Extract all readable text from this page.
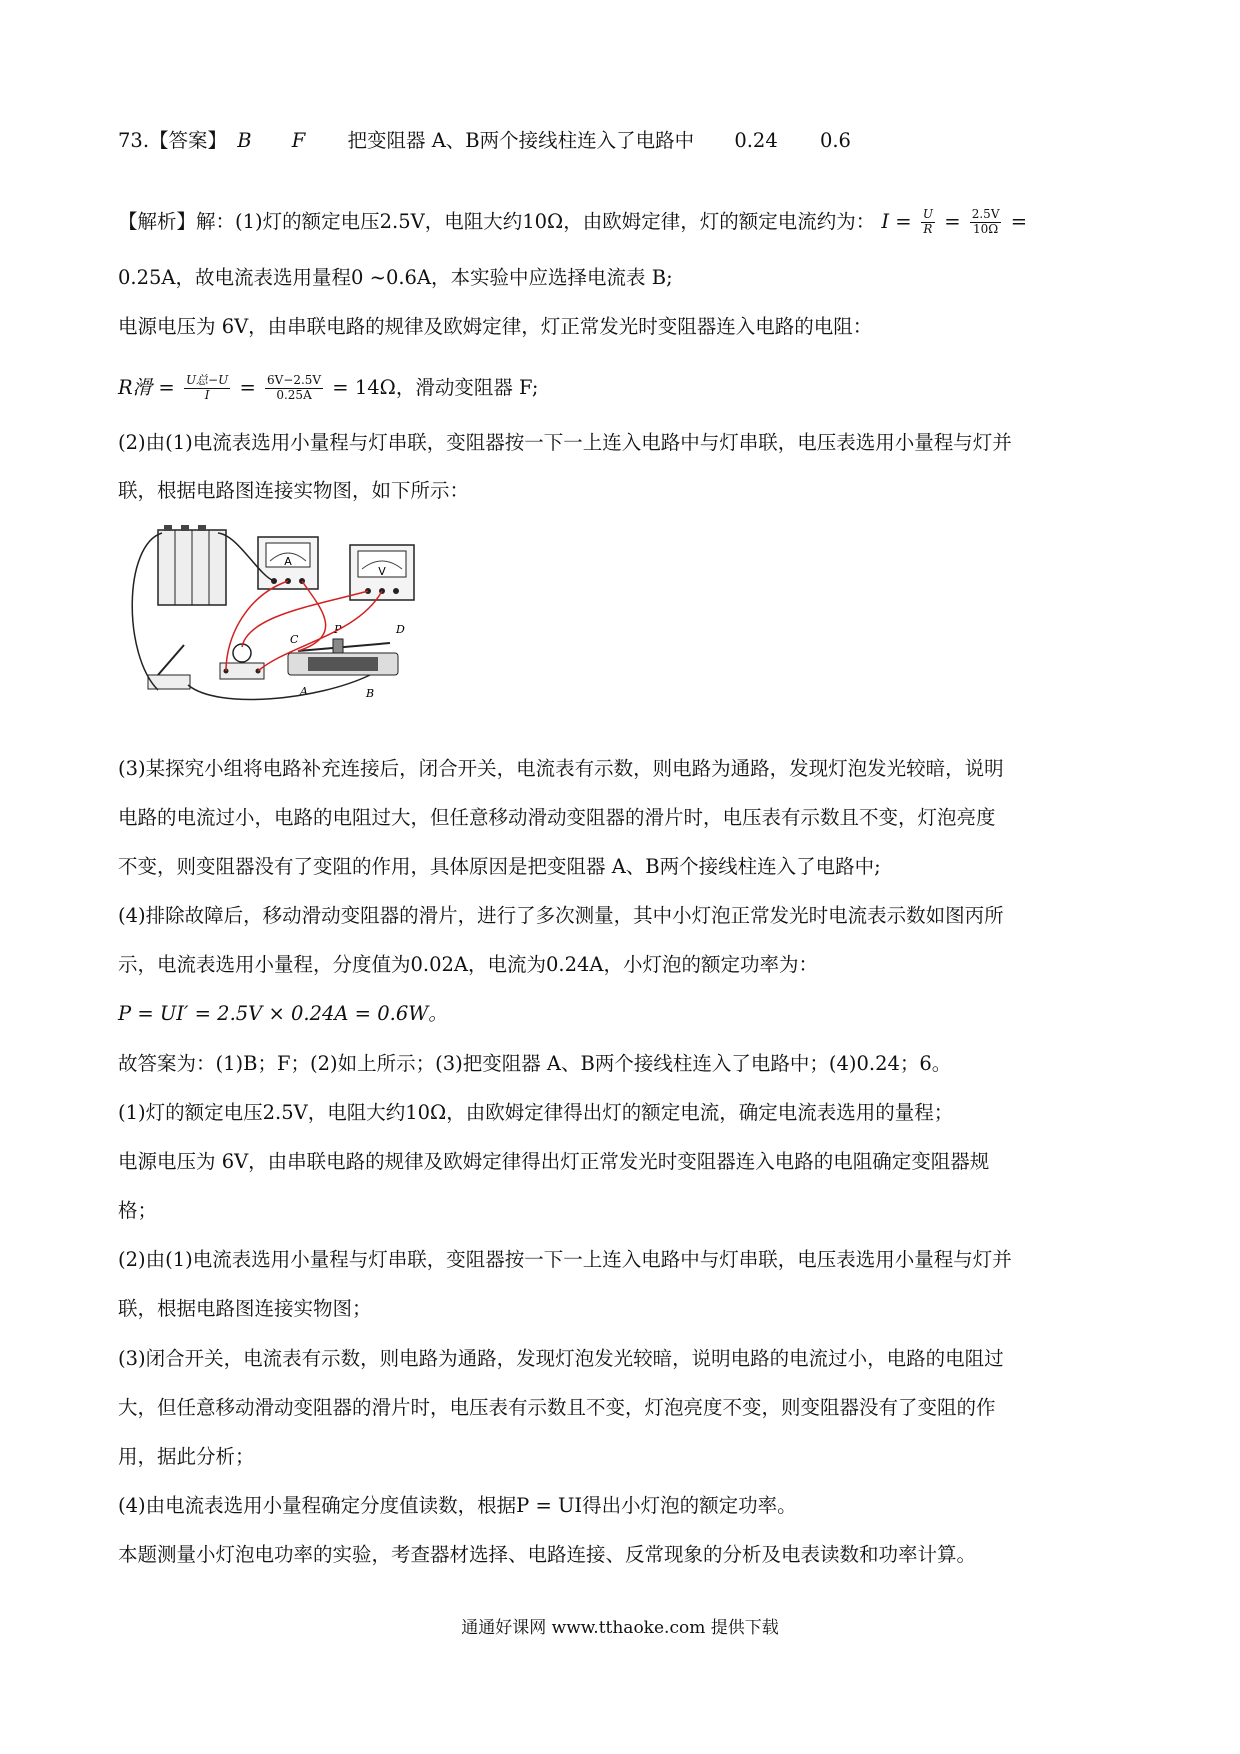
73.【答案】 B F 把变阻器 A、B两个接线柱连入了电路中 0.24 0.6
【解析】解：(1)灯的额定电压2.5V，电阻大约10Ω，由欧姆定律，灯的额定电流约为： $I = \frac{U}{R} = \frac{2.5V}{10\Omega}$ =
0.25A，故电流表选用量程0 ~0.6A，本实验中应选择电流表 B;
电源电压为 6V，由串联电路的规律及欧姆定律，灯正常发光时变阻器连入电路的电阻：
R滑 = $\frac{\text{U总−U}}{I} = \frac{6V-2.5V}{0.25A} = 14\Omega$，滑动变阻器 F;
(2)由(1)电流表选用小量程与灯串联，变阻器按一下一上连入电路中与灯串联，电压表选用小量程与灯并
联，根据电路图连接实物图，如下所示：
A
V
C
P	D
A	B
(3)某探究小组将电路补充连接后，闭合开关，电流表有示数，则电路为通路，发现灯泡发光较暗，说明
电路的电流过小，电路的电阻过大，但任意移动滑动变阻器的滑片时，电压表有示数且不变，灯泡亮度
不变，则变阻器没有了变阻的作用，具体原因是把变阻器 A、B两个接线柱连入了电路中;
(4)排除故障后，移动滑动变阻器的滑片，进行了多次测量，其中小灯泡正常发光时电流表示数如图丙所
示，电流表选用小量程，分度值为0.02A，电流为0.24A，小灯泡的额定功率为：
P = UI′ = 2.5V × 0.24A = 0.6W。
故答案为：(1)B；F；(2)如上所示；(3)把变阻器 A、B两个接线柱连入了电路中；(4)0.24；6。
(1)灯的额定电压2.5V，电阻大约10Ω，由欧姆定律得出灯的额定电流，确定电流表选用的量程；
电源电压为 6V，由串联电路的规律及欧姆定律得出灯正常发光时变阻器连入电路的电阻确定变阻器规
格；
(2)由(1)电流表选用小量程与灯串联，变阻器按一下一上连入电路中与灯串联，电压表选用小量程与灯并
联，根据电路图连接实物图；
(3)闭合开关，电流表有示数，则电路为通路，发现灯泡发光较暗，说明电路的电流过小，电路的电阻过
大，但任意移动滑动变阻器的滑片时，电压表有示数且不变，灯泡亮度不变，则变阻器没有了变阻的作
用，据此分析；
(4)由电流表选用小量程确定分度值读数，根据P = UI得出小灯泡的额定功率。
本题测量小灯泡电功率的实验，考查器材选择、电路连接、反常现象的分析及电表读数和功率计算。
通通好课网 www.tthaoke.com 提供下载
